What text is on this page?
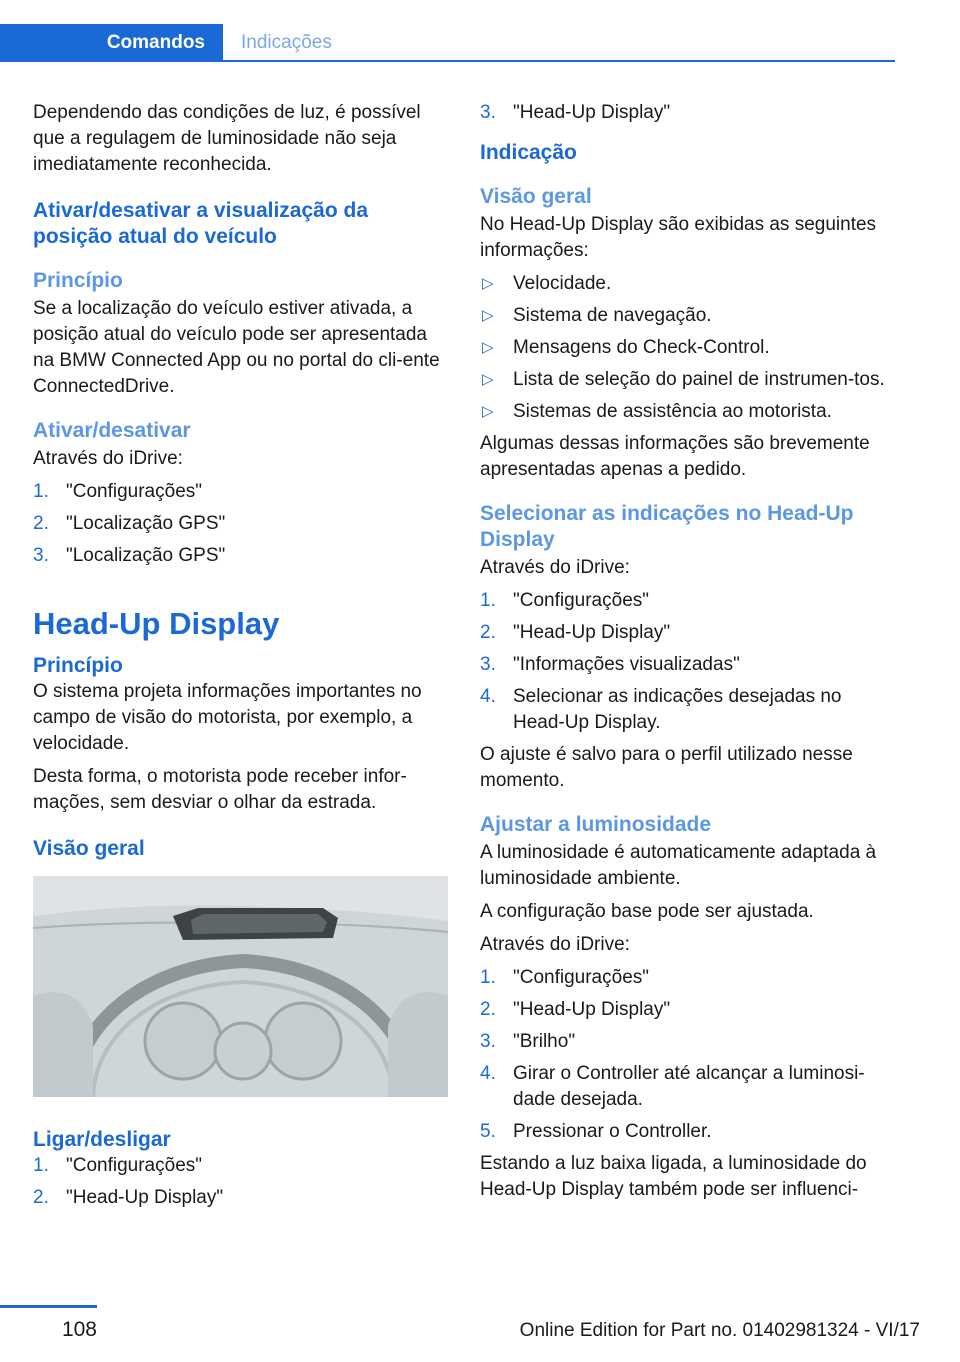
Comandos	Indicações

Dependendo das condições de luz, é possível que a regulagem de luminosidade não seja imediatamente reconhecida.

Ativar/desativar a visualização da posição atual do veículo
Princípio

Se a localização do veículo estiver ativada, a posição atual do veículo pode ser apresentada na BMW Connected App ou no portal do cli-ente ConnectedDrive.

Ativar/desativar

Através do iDrive:

1. "Configurações"
2. "Localização GPS"
3. "Localização GPS"
Head-Up Display
Princípio

O sistema projeta informações importantes no campo de visão do motorista, por exemplo, a velocidade.

Desta forma, o motorista pode receber infor-mações, sem desviar o olhar da estrada.

Visão geral
Ligar/desligar
1. "Configurações"
2. "Head-Up Display"
3. "Head-Up Display"
Indicação
Visão geral

No Head-Up Display são exibidas as seguintes informações:

▷ Velocidade.
▷ Sistema de navegação.
▷ Mensagens do Check-Control.
▷ Lista de seleção do painel de instrumen-tos.
▷ Sistemas de assistência ao motorista.

Algumas dessas informações são brevemente apresentadas apenas a pedido.

Selecionar as indicações no Head-Up Display

Através do iDrive:

1. "Configurações"
2. "Head-Up Display"
3. "Informações visualizadas"
4. Selecionar as indicações desejadas no Head-Up Display.

O ajuste é salvo para o perfil utilizado nesse momento.

Ajustar a luminosidade

A luminosidade é automaticamente adaptada à luminosidade ambiente.

A configuração base pode ser ajustada.

Através do iDrive:

1. "Configurações"
2. "Head-Up Display"
3. "Brilho"
4. Girar o Controller até alcançar a luminosi-dade desejada.
5. Pressionar o Controller.

Estando a luz baixa ligada, a luminosidade do Head-Up Display também pode ser influenci-

108	Online Edition for Part no. 01402981324 - VI/17
